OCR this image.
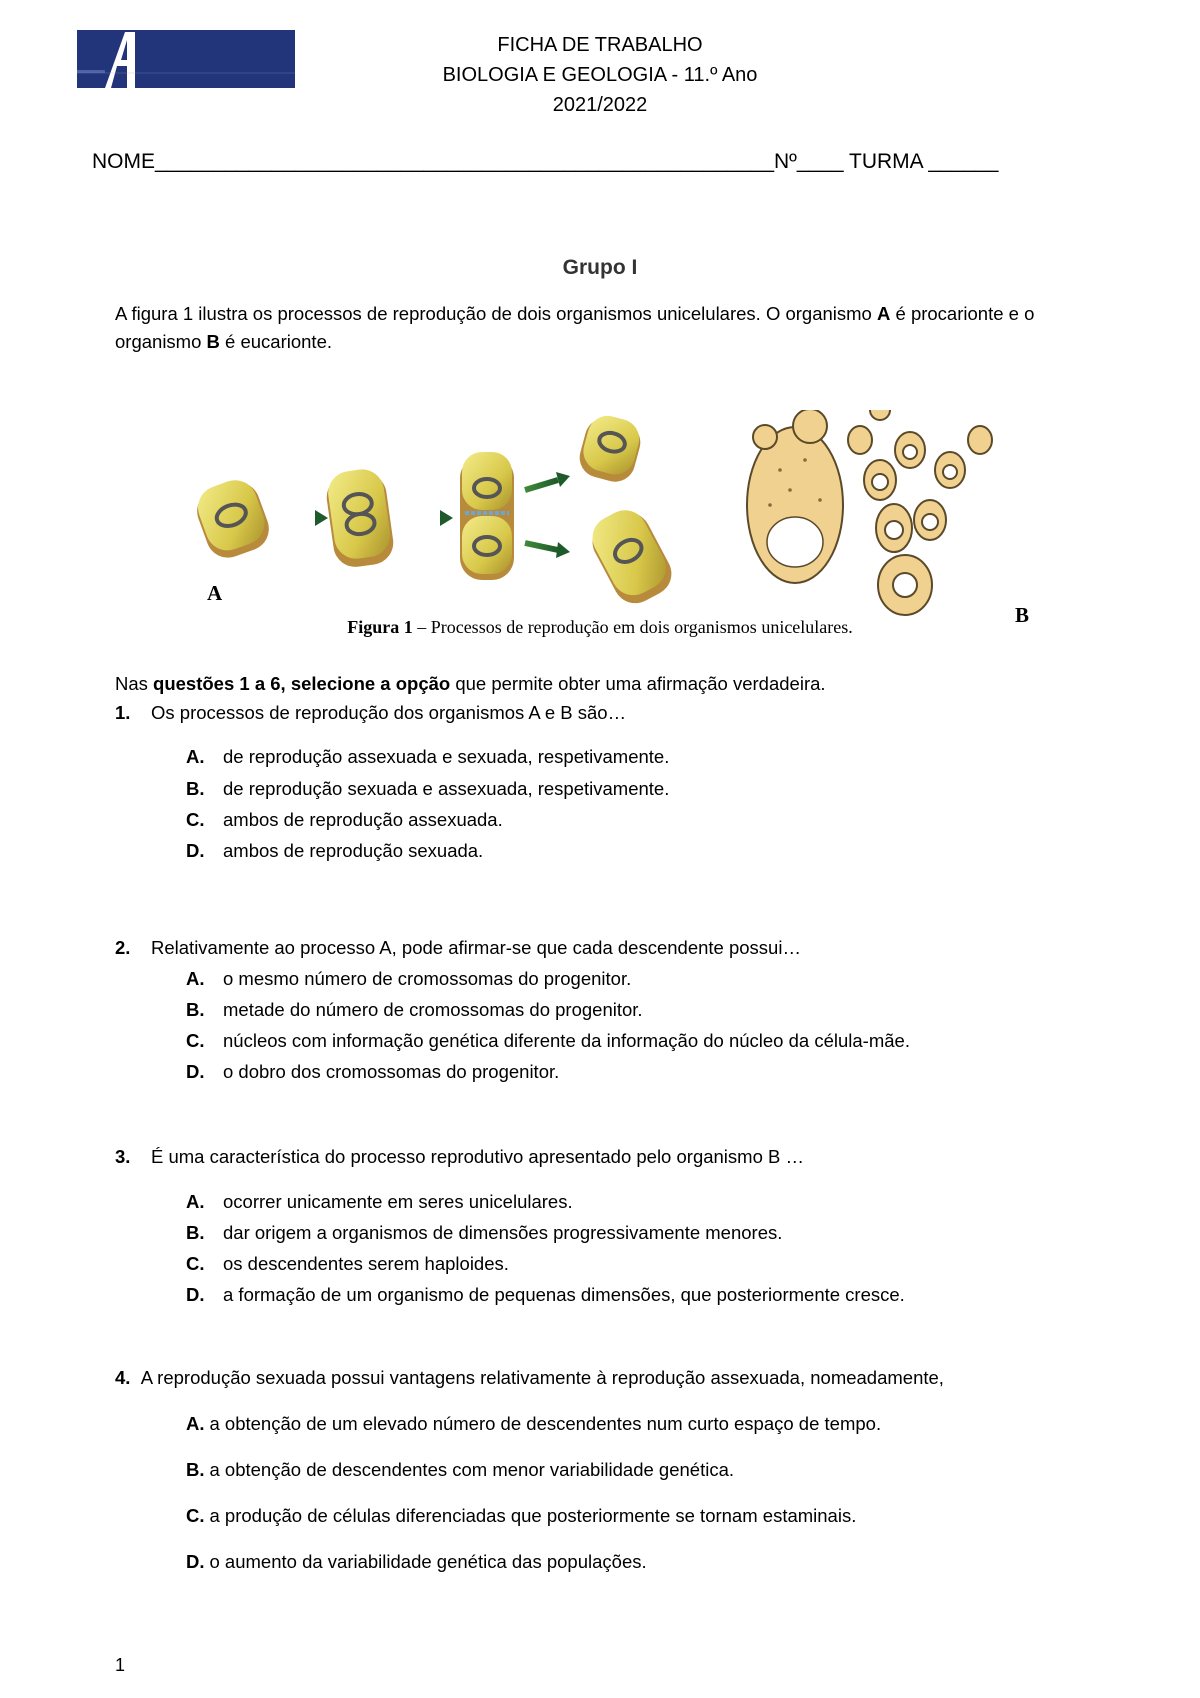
FICHA DE TRABALHO
BIOLOGIA E GEOLOGIA - 11.º Ano
2021/2022
NOME_____________________________________________________Nº____ TURMA ______
Grupo I
A figura 1 ilustra os processos de reprodução de dois organismos unicelulares. O organismo A é procarionte e o organismo B é eucarionte.
A
B
Figura 1 – Processos de reprodução em dois organismos unicelulares.
Nas questões 1 a 6, selecione a opção que permite obter uma afirmação verdadeira.
1. Os processos de reprodução dos organismos A e B são…
A. de reprodução assexuada e sexuada, respetivamente.
B. de reprodução sexuada e assexuada, respetivamente.
C. ambos de reprodução assexuada.
D. ambos de reprodução sexuada.
2. Relativamente ao processo A, pode afirmar-se que cada descendente possui…
A. o mesmo número de cromossomas do progenitor.
B. metade do número de cromossomas do progenitor.
C. núcleos com informação genética diferente da informação do núcleo da célula-mãe.
D. o dobro dos cromossomas do progenitor.
3. É uma característica do processo reprodutivo apresentado pelo organismo B …
A. ocorrer unicamente em seres unicelulares.
B. dar origem a organismos de dimensões progressivamente menores.
C. os descendentes serem haploides.
D. a formação de um organismo de pequenas dimensões, que posteriormente cresce.
4. A reprodução sexuada possui vantagens relativamente à reprodução assexuada, nomeadamente,
A. a obtenção de um elevado número de descendentes num curto espaço de tempo.
B. a obtenção de descendentes com menor variabilidade genética.
C. a produção de células diferenciadas que posteriormente se tornam estaminais.
D. o aumento da variabilidade genética das populações.
1
